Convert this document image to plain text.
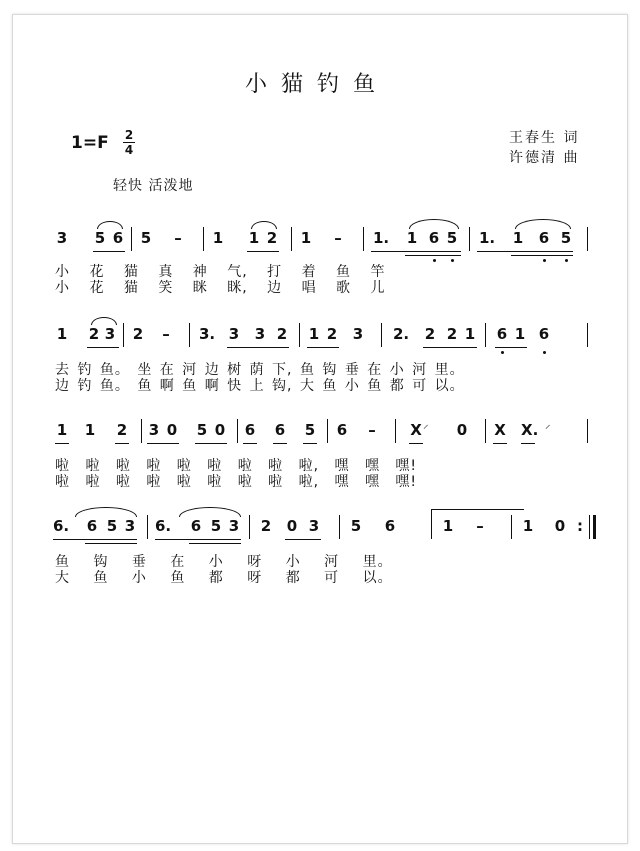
小猫钓鱼
1=F 2
4
王春生 词
许德清 曲
轻快 活泼地
3 5 6 5 – 1 1 2 1 – 1. 1 6 5 1. 1 6 5
小 花 猫 真 神 气, 打 着 鱼 竿
小 花 猫 笑 眯 眯, 边 唱 歌 儿
1 2 3 2 – 3. 3 3 2 1 2 3 2. 2 2 1 6 1 6
去 钓 鱼。 坐 在 河 边 树 荫 下, 鱼 钩 垂 在 小 河 里。
边 钓 鱼。 鱼 啊 鱼 啊 快 上 钩, 大 鱼 小 鱼 都 可 以。
1 1 2 3 0 5 0 6 6 5 6 – X ⸝ 0 X X. ⸝
啦 啦 啦 啦 啦 啦 啦 啦 啦, 嘿 嘿 嘿!
啦 啦 啦 啦 啦 啦 啦 啦 啦, 嘿 嘿 嘿!
6. 6 5 3 6. 6 5 3 2 0 3 5 6	1 –	1 0 :
鱼 钩 垂 在 小 呀 小 河 里。
大 鱼 小 鱼 都 呀 都 可 以。
